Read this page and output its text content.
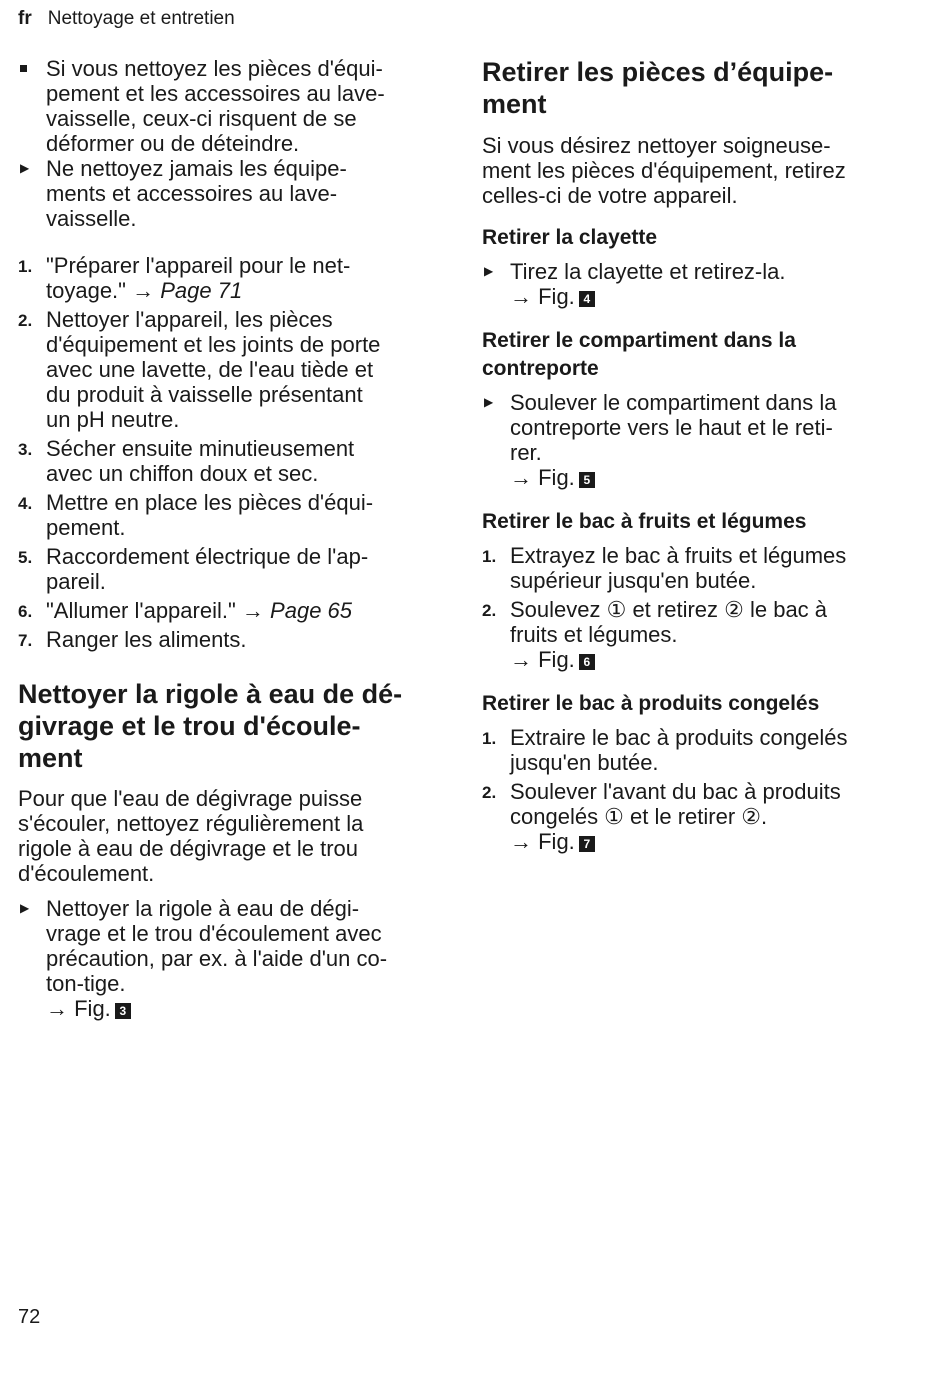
fr Nettoyage et entretien

Si vous nettoyez les pièces d'équi-
pement et les accessoires au lave-
vaisselle, ceux-ci risquent de se
déformer ou de déteindre.

▶ Ne nettoyez jamais les équipe-
ments et accessoires au lave-
vaisselle.

1. "Préparer l'appareil pour le net-
toyage." → Page 71
2. Nettoyer l'appareil, les pièces
d'équipement et les joints de porte
avec une lavette, de l'eau tiède et
du produit à vaisselle présentant
un pH neutre.
3. Sécher ensuite minutieusement
avec un chiffon doux et sec.
4. Mettre en place les pièces d'équi-
pement.
5. Raccordement électrique de l'ap-
pareil.
6. "Allumer l'appareil." → Page 65
7. Ranger les aliments.
Nettoyer la rigole à eau de dé-
givrage et le trou d'écoule-
ment

Pour que l'eau de dégivrage puisse
s'écouler, nettoyez régulièrement la
rigole à eau de dégivrage et le trou
d'écoulement.

▶ Nettoyer la rigole à eau de dégi-
vrage et le trou d'écoulement avec
précaution, par ex. à l'aide d'un co-
ton-tige.

→ Fig. 3

Retirer les pièces d’équipe-
ment

Si vous désirez nettoyer soigneuse-
ment les pièces d'équipement, retirez
celles-ci de votre appareil.

Retirer la clayette
▶ Tirez la clayette et retirez-la.

→ Fig. 4

Retirer le compartiment dans la
contreporte
▶ Soulever le compartiment dans la
contreporte vers le haut et le reti-
rer.

→ Fig. 5

Retirer le bac à fruits et légumes
1. Extrayez le bac à fruits et légumes
supérieur jusqu'en butée.
2. Soulevez ① et retirez ② le bac à
fruits et légumes.
→ Fig. 6
Retirer le bac à produits congelés
1. Extraire le bac à produits congelés
jusqu'en butée.
2. Soulever l'avant du bac à produits
congelés ① et le retirer ②.
→ Fig. 7
72
